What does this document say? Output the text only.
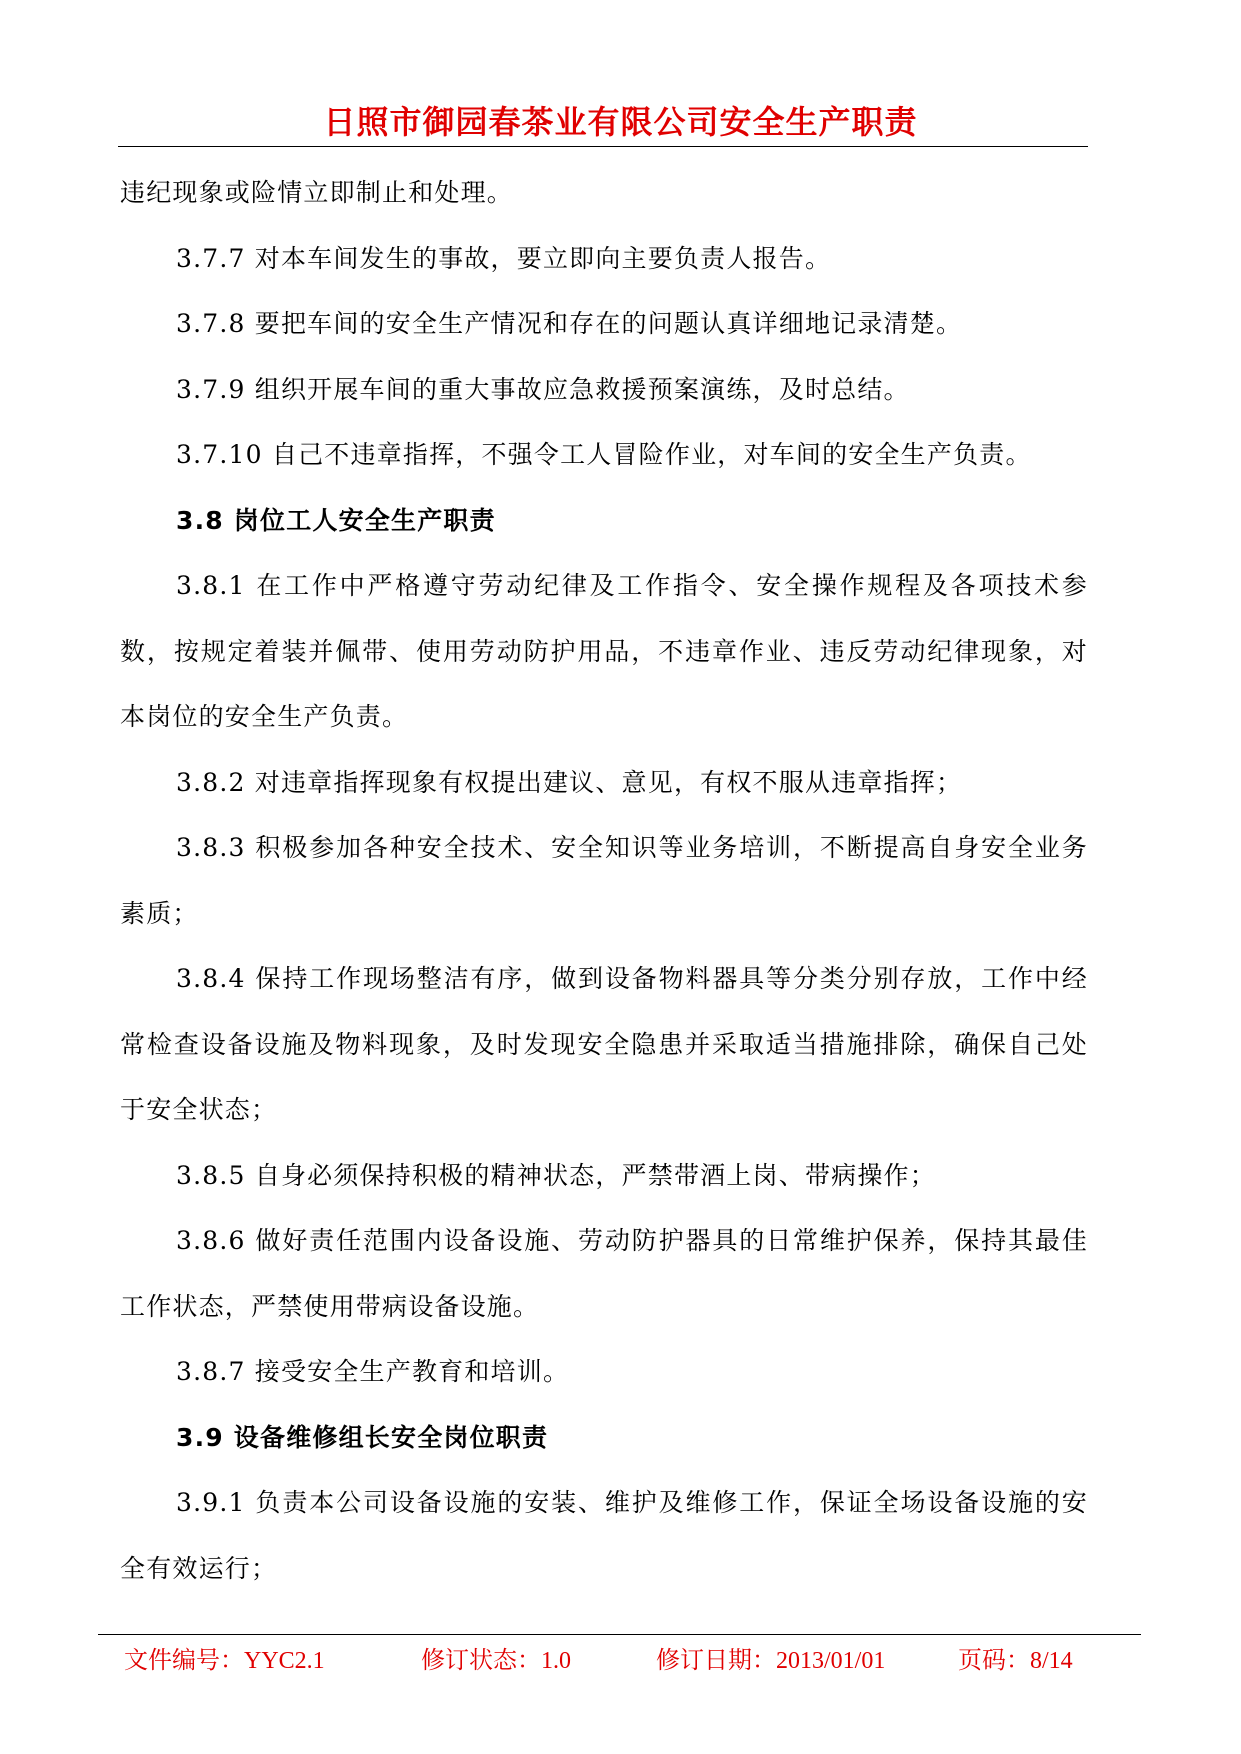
日照市御园春茶业有限公司安全生产职责

违纪现象或险情立即制止和处理。

3.7.7 对本车间发生的事故，要立即向主要负责人报告。

3.7.8 要把车间的安全生产情况和存在的问题认真详细地记录清楚。

3.7.9 组织开展车间的重大事故应急救援预案演练，及时总结。

3.7.10 自己不违章指挥，不强令工人冒险作业，对车间的安全生产负责。

3.8 岗位工人安全生产职责

3.8.1 在工作中严格遵守劳动纪律及工作指令、安全操作规程及各项技术参数，按规定着装并佩带、使用劳动防护用品，不违章作业、违反劳动纪律现象，对本岗位的安全生产负责。

3.8.2 对违章指挥现象有权提出建议、意见，有权不服从违章指挥；

3.8.3 积极参加各种安全技术、安全知识等业务培训，不断提高自身安全业务素质；

3.8.4 保持工作现场整洁有序，做到设备物料器具等分类分别存放，工作中经常检查设备设施及物料现象，及时发现安全隐患并采取适当措施排除，确保自己处于安全状态；

3.8.5 自身必须保持积极的精神状态，严禁带酒上岗、带病操作；

3.8.6 做好责任范围内设备设施、劳动防护器具的日常维护保养，保持其最佳工作状态，严禁使用带病设备设施。

3.8.7 接受安全生产教育和培训。

3.9 设备维修组长安全岗位职责

3.9.1 负责本公司设备设施的安装、维护及维修工作，保证全场设备设施的安全有效运行；

文件编号：YYC2.1	修订状态：1.0	修订日期：2013/01/01	页码：8/14
